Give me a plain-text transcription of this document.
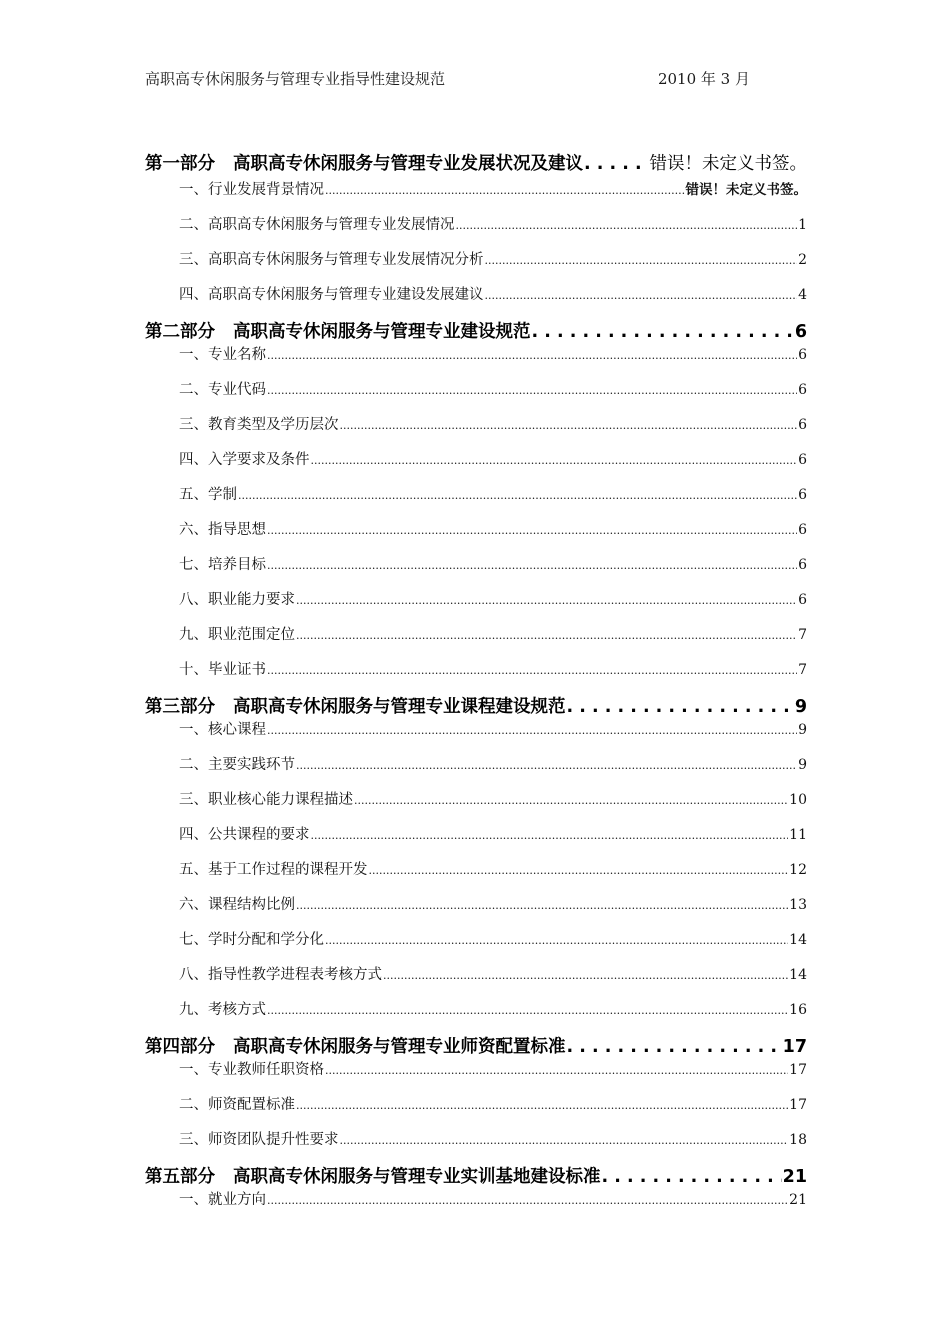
高职高专休闲服务与管理专业指导性建设规范	2010 年 3 月
第一部分 高职高专休闲服务与管理专业发展状况及建议 . . .	错误！未定义书签。
一、行业发展背景情况 .....	错误！未定义书签。
二、高职高专休闲服务与管理专业发展情况 .....	1
三、高职高专休闲服务与管理专业发展情况分析 .....	2
四、高职高专休闲服务与管理专业建设发展建议 .....	4
第二部分 高职高专休闲服务与管理专业建设规范 . . .	6
一、专业名称 .....	6
二、专业代码 .....	6
三、教育类型及学历层次 .....	6
四、入学要求及条件 .....	6
五、学制 .....	6
六、指导思想 .....	6
七、培养目标 .....	6
八、职业能力要求 .....	6
九、职业范围定位 .....	7
十、毕业证书 .....	7
第三部分 高职高专休闲服务与管理专业课程建设规范 . . .	9
一、核心课程 .....	9
二、主要实践环节 .....	9
三、职业核心能力课程描述 .....	10
四、公共课程的要求 .....	11
五、基于工作过程的课程开发 .....	12
六、课程结构比例 .....	13
七、学时分配和学分化 .....	14
八、指导性教学进程表考核方式 .....	14
九、考核方式 .....	16
第四部分 高职高专休闲服务与管理专业师资配置标准 . . .	17
一、专业教师任职资格 .....	17
二、师资配置标准 .....	17
三、师资团队提升性要求 .....	18
第五部分 高职高专休闲服务与管理专业实训基地建设标准 . . .	21
一、就业方向 .....	21
